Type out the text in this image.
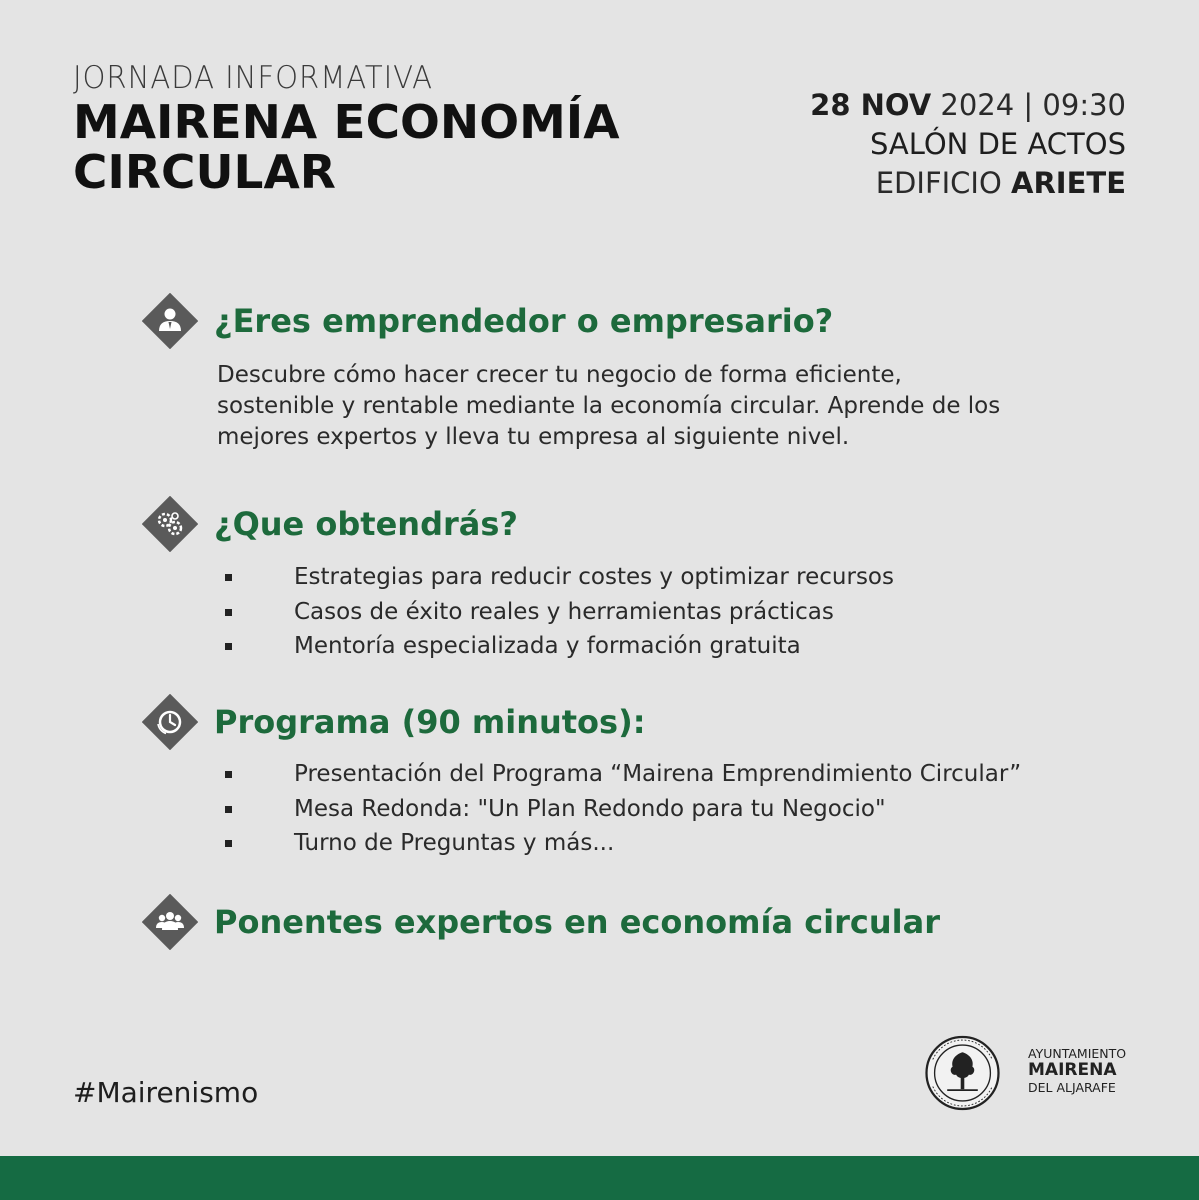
JORNADA INFORMATIVA
MAIRENA ECONOMÍA
CIRCULAR
28 NOV 2024 | 09:30
SALÓN DE ACTOS
EDIFICIO ARIETE
¿Eres emprendedor o empresario?
Descubre cómo hacer crecer tu negocio de forma eficiente, sostenible y rentable mediante la economía circular. Aprende de los mejores expertos y lleva tu empresa al siguiente nivel.
¿Que obtendrás?
Estrategias para reducir costes y optimizar recursos
Casos de éxito reales y herramientas prácticas
Mentoría especializada y formación gratuita
Programa (90 minutos):
Presentación del Programa “Mairena Emprendimiento Circular”
Mesa Redonda: "Un Plan Redondo para tu Negocio"
Turno de Preguntas y más...
Ponentes expertos en economía circular
#Mairenismo
AYUNTAMIENTO
MAIRENA
DEL ALJARAFE
